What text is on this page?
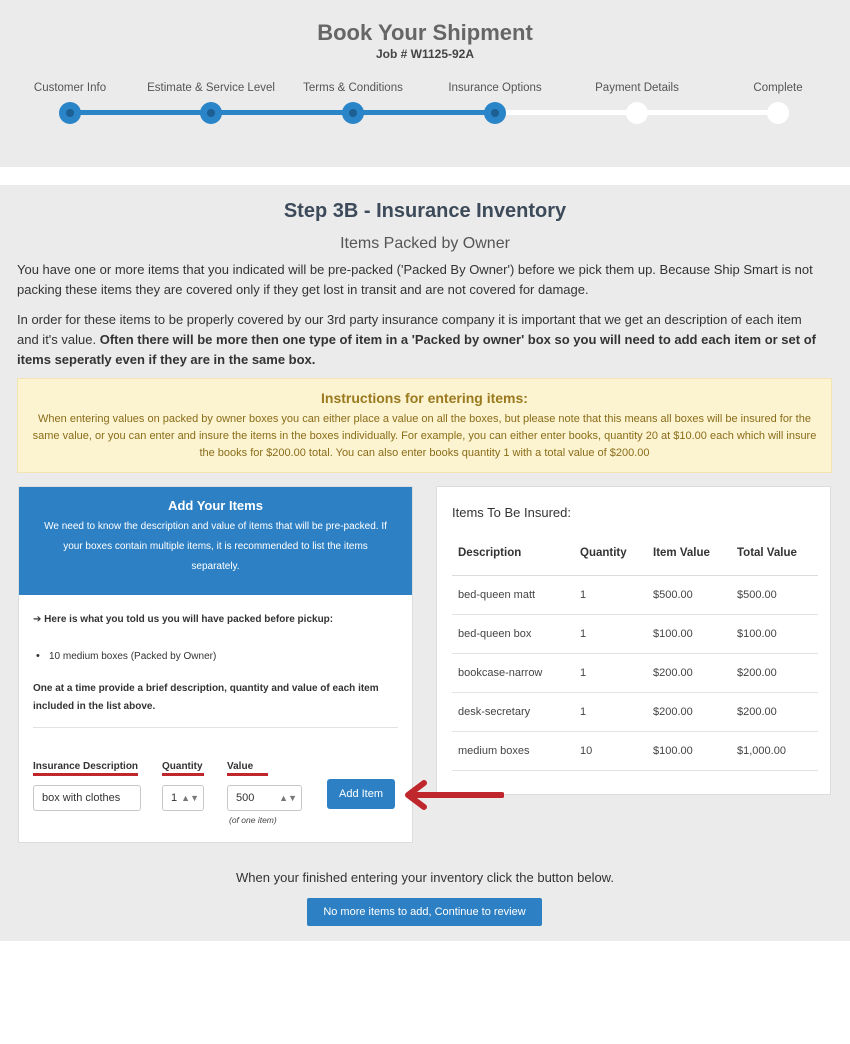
Book Your Shipment
Job # W1125-92A
Customer Info	Estimate & Service Level Terms & Conditions	Insurance Options	Payment Details	Complete
Step 3B - Insurance Inventory
Items Packed by Owner
You have one or more items that you indicated will be pre-packed ('Packed By Owner') before we pick them up. Because Ship Smart is not packing these items they are covered only if they get lost in transit and are not covered for damage.
In order for these items to be properly covered by our 3rd party insurance company it is important that we get an description of each item and it's value. Often there will be more then one type of item in a 'Packed by owner' box so you will need to add each item or set of items seperatly even if they are in the same box.
Instructions for entering items:
When entering values on packed by owner boxes you can either place a value on all the boxes, but please note that this means all boxes will be insured for the same value, or you can enter and insure the items in the boxes individually. For example, you can either enter books, quantity 20 at $10.00 each which will insure the books for $200.00 total. You can also enter books quantity 1 with a total value of $200.00
Add Your Items
We need to know the description and value of items that will be pre-packed. If your boxes contain multiple items, it is recommended to list the items separately.
➔ Here is what you told us you will have packed before pickup:
• 10 medium boxes (Packed by Owner)
One at a time provide a brief description, quantity and value of each item included in the list above.
Insurance Description Quantity Value
box with clothes	1 ▲▼	500	▲▼
(of one item)
Add Item
Items To Be Insured:
Description	Quantity	Item Value	Total Value
bed-queen matt	1	$500.00	$500.00
bed-queen box	1	$100.00	$100.00
bookcase-narrow	1	$200.00	$200.00
desk-secretary	1	$200.00	$200.00
medium boxes	10	$100.00	$1,000.00
When your finished entering your inventory click the button below.
No more items to add, Continue to review
